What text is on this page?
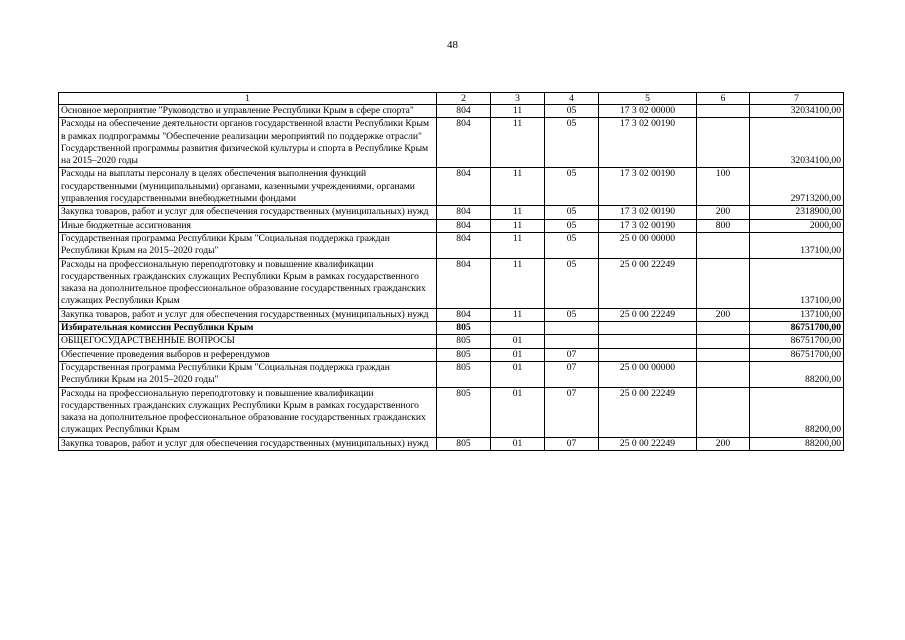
48
1	2	3	4	5	6	7
Основное мероприятие "Руководство и управление Республики Крым в сфере спорта"	804	11	05	17 3 02 00000		32034100,00
Расходы на обеспечение деятельности органов государственной власти Республики Крым в рамках подпрограммы "Обеспечение реализации мероприятий по поддержке отрасли" Государственной программы развития физической культуры и спорта в Республике Крым на 2015–2020 годы	804	11	05	17 3 02 00190		32034100,00
Расходы на выплаты персоналу в целях обеспечения выполнения функций государственными (муниципальными) органами, казенными учреждениями, органами управления государственными внебюджетными фондами	804	11	05	17 3 02 00190	100	29713200,00
Закупка товаров, работ и услуг для обеспечения государственных (муниципальных) нужд	804	11	05	17 3 02 00190	200	2318900,00
Иные бюджетные ассигнования	804	11	05	17 3 02 00190	800	2000,00
Государственная программа Республики Крым "Социальная поддержка граждан Республики Крым на 2015–2020 годы"	804	11	05	25 0 00 00000		137100,00
Расходы на профессиональную переподготовку и повышение квалификации государственных гражданских служащих Республики Крым в рамках государственного заказа на дополнительное профессиональное образование государственных гражданских служащих Республики Крым	804	11	05	25 0 00 22249		137100,00
Закупка товаров, работ и услуг для обеспечения государственных (муниципальных) нужд	804	11	05	25 0 00 22249	200	137100,00
Избирательная комиссия Республики Крым	805					86751700,00
ОБЩЕГОСУДАРСТВЕННЫЕ ВОПРОСЫ	805	01				86751700,00
Обеспечение проведения выборов и референдумов	805	01	07			86751700,00
Государственная программа Республики Крым "Социальная поддержка граждан Республики Крым на 2015–2020 годы"	805	01	07	25 0 00 00000		88200,00
Расходы на профессиональную переподготовку и повышение квалификации государственных гражданских служащих Республики Крым в рамках государственного заказа на дополнительное профессиональное образование государственных гражданских служащих Республики Крым	805	01	07	25 0 00 22249		88200,00
Закупка товаров, работ и услуг для обеспечения государственных (муниципальных) нужд	805	01	07	25 0 00 22249	200	88200,00
